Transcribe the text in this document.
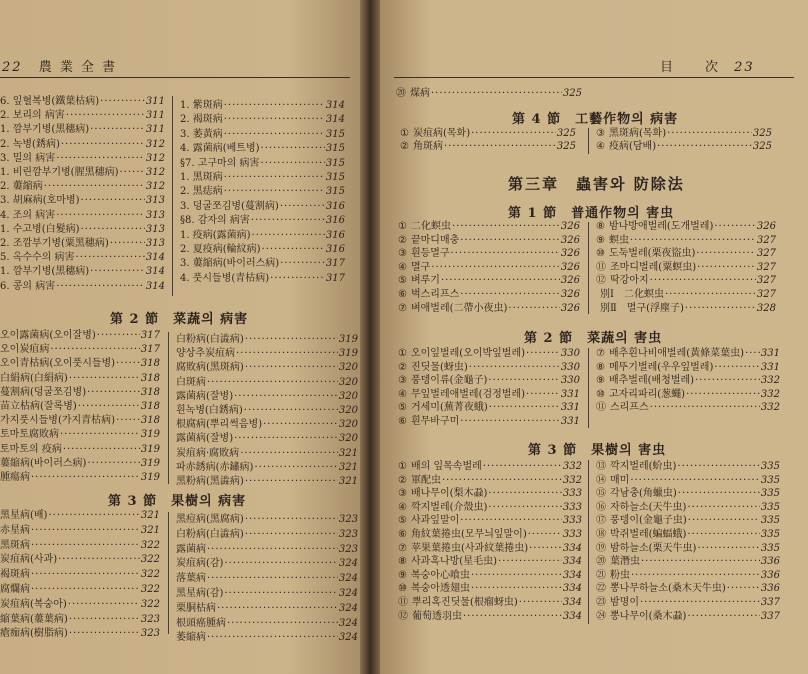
22 農 業 全 書	目　　次 23
第 2 節　菜蔬의 病害
第 3 節　果樹의 病害
第 4 節　工藝作物의 病害
第三章　蟲害와 防除法
第 1 節　普通作物의 害虫
第 2 節　菜蔬의 害虫
第 3 節　果樹의 害虫
6. 잎혈복병(鐵葉枯病) ·····	311
2. 보리의 病害 ·····	311
1. 깜부기병(黑穗病) ·····	311
2. 녹병(銹病) ·····	312
3. 밀의 病害 ·····	312
1. 비린깜부기병(腥黑穗病) ·····	312
2. 蔞縮病 ·····	312
3. 胡麻病(호마병) ·····	313
4. 조의 病害 ·····	313
1. 수고병(白髮病) ·····	313
2. 조깜부기병(粟黑穗病) ·····	313
5. 옥수수의 病害 ·····	314
1. 깜부기병(黑穗病) ·····	314
6. 콩의 病害 ·····	314
1. 紫斑病 ·····	314
2. 褐斑病 ·····	314
3. 萎黃病 ·····	315
4. 露菌病(베트병) ·····	315
§7. 고구마의 病害 ·····	315
1. 黑斑病 ·····	315
2. 黑痣病 ·····	315
3. 덩굴쪼김병(蔓割病) ·····	316
§8. 감자의 病害 ·····	316
1. 疫病(露菌病) ·····	316
2. 夏疫病(輪紋病) ·····	316
3. 蔞縮病(바이러스病) ·····	317
4. 풋시들병(青枯病) ·····	317
오이露菌病(오이잘병) ·····	317
오이炭疽病 ·····	317
오이青枯病(오이풋시들병) ·····	318
白絹病(白絹病) ·····	318
蔓割病(덩굴쪼김병) ·····	318
苗立枯病(잘록병) ·····	318
가지풋시들병(가지青枯病) ·····	318
토마토腐敗病 ·····	319
토마토의 疫病 ·····	319
蔞縮病(바이러스病) ·····	319
腫瘍病 ·····	319
白粉病(白澁病) ·····	319
양상추炭疽病 ·····	319
腐敗病(黑斑病) ·····	320
白斑病 ·····	320
露菌病(잘병) ·····	320
흰녹병(白銹病) ·····	320
根腐病(뿌리썩음병) ·····	320
露菌病(잘병) ·····	320
炭疽病·腐敗病 ·····	321
파赤銹病(赤鏽病) ·····	321
黑粉病(黑澁病) ·····	321
黑星病(배) ·····	321
赤星病 ·····	321
黑斑病 ·····	322
炭疽病(사과) ·····	322
褐斑病 ·····	322
腐爛病 ·····	322
炭疽病(복숭아) ·····	322
縮葉病(蔞葉病) ·····	323
瘡痂病(樹脂病) ·····	323
黑痘病(黑腐病) ·····	323
白粉病(白澁病) ·····	323
露菌病 ·····	323
炭疽病(감) ·····	324
落葉病 ·····	324
黑星病(감) ·····	324
栗胴枯病 ·····	324
根頭癌腫病 ·····	324
萎縮病 ·····	324
⑳ 煤病 ·····	325
① 炭疽病(목화) ·····	325
② 角斑病 ·····	325
③ 黑斑病(목화) ·····	325
④ 疫病(담배) ·····	325
① 二化螟虫 ·····	326
② 끝마디매충 ·····	326
③ 흰등멸구 ·····	326
④ 멸구 ·····	326
⑤ 벼루기 ·····	326
⑥ 벅스리프스 ·····	326
⑦ 벼애벌레(二帶小夜虫) ·····	326
⑧ 밤나방애벌레(도개벌레) ·····	326
⑨ 螟虫 ·····	327
⑩ 도둑벌레(栗夜盜虫) ·····	327
⑪ 조마디벌레(粟螟虫) ·····	327
⑫ 딱강아지 ·····	327
別Ⅰ　二化螟虫 ·····	327
別Ⅱ　멸구(浮塵子) ·····	328
① 오이잎벌레(오이박잎벌레) ·····	330
② 진딧물(蚜虫) ·····	330
③ 풍뎅이류(金龜子) ·····	330
④ 무잎벌레애벌레(검정벌레) ·····	331
⑤ 거세미(蕪菁夜蛾) ·····	331
⑥ 흰무바구미 ·····	331
⑦ 배추흰나비애벌레(黃條菜葉虫) ····· 331
⑧ 메뚜기벌레(우우잎벌레) ·····	331
⑨ 배추벌레(배청벌레) ·····	332
⑩ 고자리파리(葱蠅) ·····	332
⑪ 스리프스 ·····	332
① 배의 잎목속벌레 ·····	332
② 軍配虫 ·····	332
③ 배나무이(梨木蝨) ·····	333
④ 깍지벌레(介殼虫) ·····	333
⑤ 사과잎말이 ·····	333
⑥ 角紋葉捲虫(모무늬잎말이) ·····	333
⑦ 苹果葉捲虫(사과紋葉捲虫) ·····	334
⑧ 사과혹나방(星毛虫) ·····	334
⑨ 복숭아心喰虫 ·····	334
⑩ 복숭아透翅虫 ·····	334
⑪ 뿌리혹진딧물(根瘤蚜虫) ·····	334
⑫ 葡萄透羽虫 ·····	334
⑬ 깍지벌레(蚧虫) ·····	335
⑭ 매미 ·····	335
⑮ 각남충(角蠟虫) ·····	335
⑯ 자하늘소(天牛虫) ·····	335
⑰ 풍뎅이(金龜子虫) ·····	335
⑱ 박쥐벌레(蝙蝠蛾) ·····	335
⑲ 밤하늘소(栗天牛虫) ·····	335
⑳ 葉潛虫 ·····	336
㉑ 粉虫 ·····	336
㉒ 뽕나무하늘소(桑木天牛虫) ·····	336
㉓ 밤명이 ·····	337
㉔ 뽕나무이(桑木蝨) ·····	337
